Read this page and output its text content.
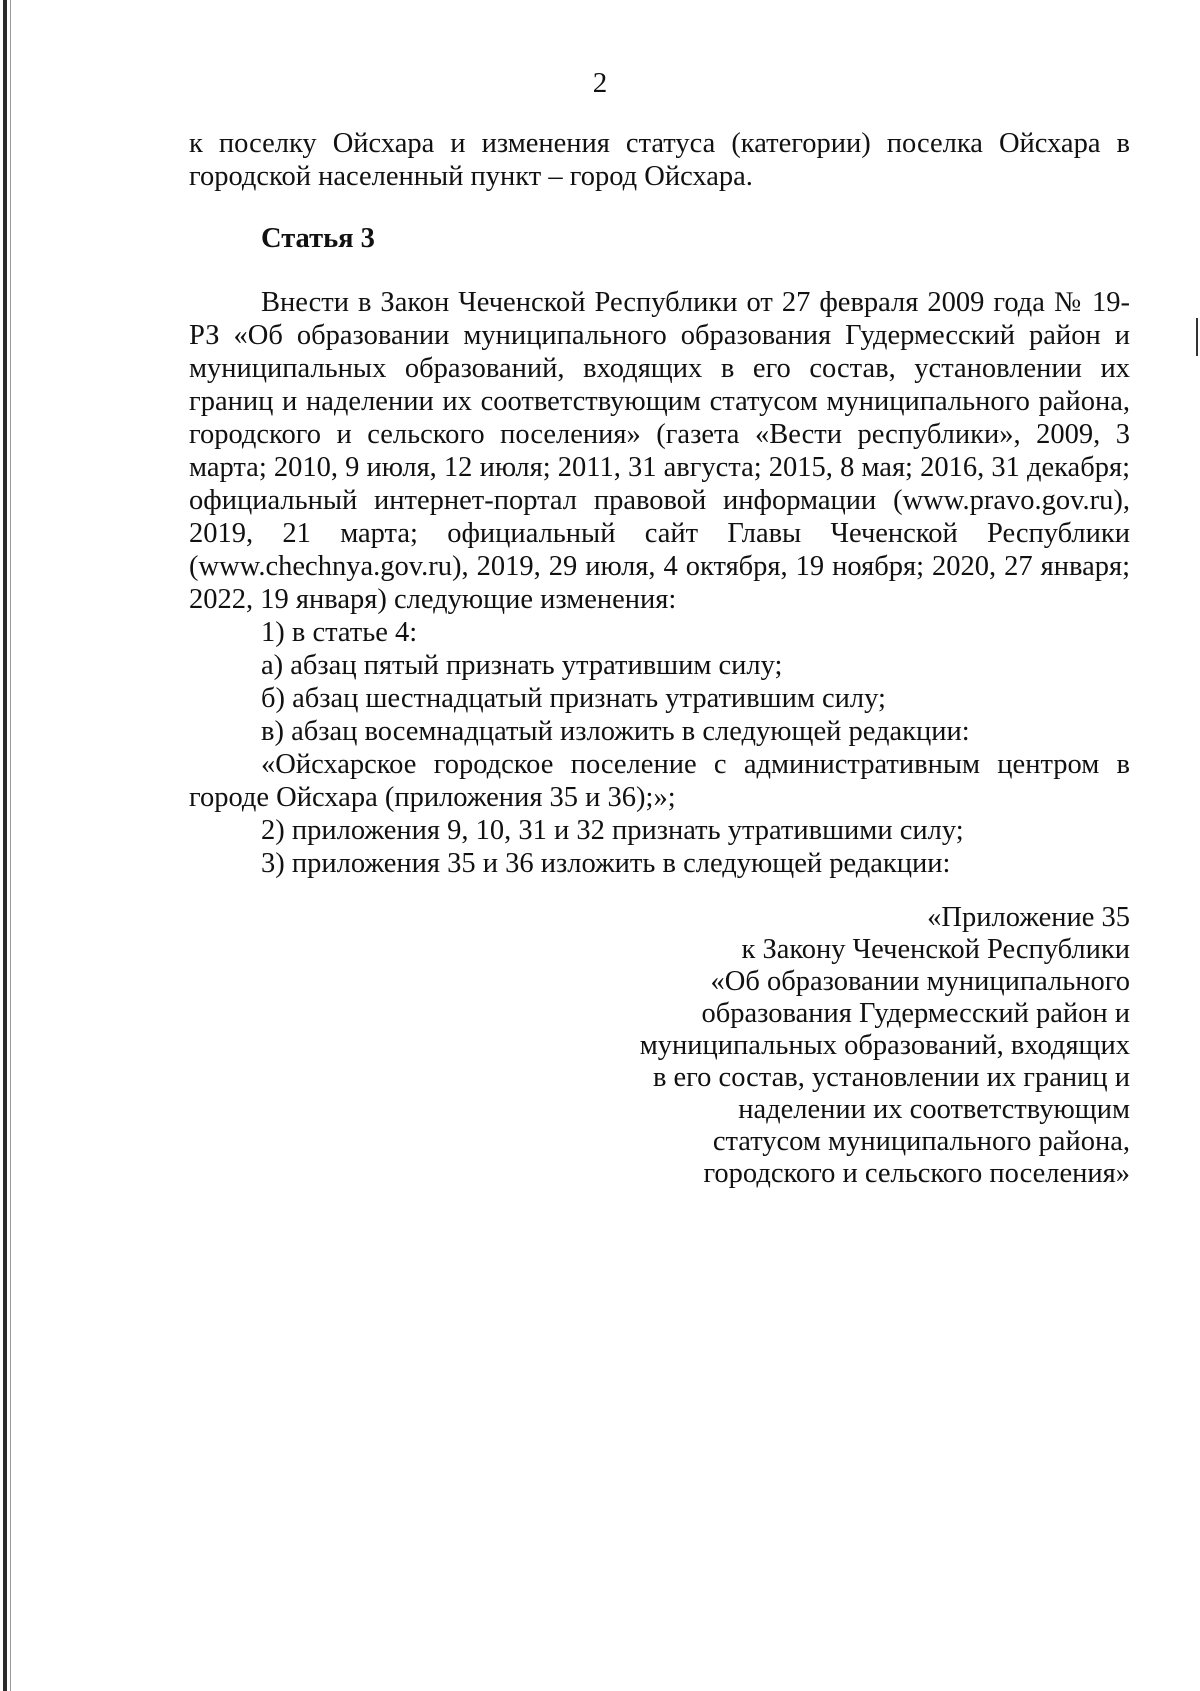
2

к поселку Ойсхара и изменения статуса (категории) поселка Ойсхара в

городской населенный пункт – город Ойсхара.

Статья 3

Внести в Закон Чеченской Республики от 27 февраля 2009 года № 19-РЗ «Об образовании муниципального образования Гудермесский район и муниципальных образований, входящих в его состав, установлении их границ и наделении их соответствующим статусом муниципального района, городского и сельского поселения» (газета «Вести республики», 2009, 3 марта; 2010, 9 июля, 12 июля; 2011, 31 августа; 2015, 8 мая; 2016, 31 декабря; официальный интернет-портал правовой информации (www.pravo.gov.ru), 2019, 21 марта; официальный сайт Главы Чеченской Республики (www.chechnya.gov.ru), 2019, 29 июля, 4 октября, 19 ноября; 2020, 27 января; 2022, 19 января) следующие изменения:

1) в статье 4:

а) абзац пятый признать утратившим силу;

б) абзац шестнадцатый признать утратившим силу;

в) абзац восемнадцатый изложить в следующей редакции:

«Ойсхарское городское поселение с административным центром в

городе Ойсхара (приложения 35 и 36);»;

2) приложения 9, 10, 31 и 32 признать утратившими силу;

3) приложения 35 и 36 изложить в следующей редакции:

«Приложение 35
к Закону Чеченской Республики
«Об образовании муниципального
образования Гудермесский район и
муниципальных образований, входящих
в его состав, установлении их границ и
наделении их соответствующим
статусом муниципального района,
городского и сельского поселения»
